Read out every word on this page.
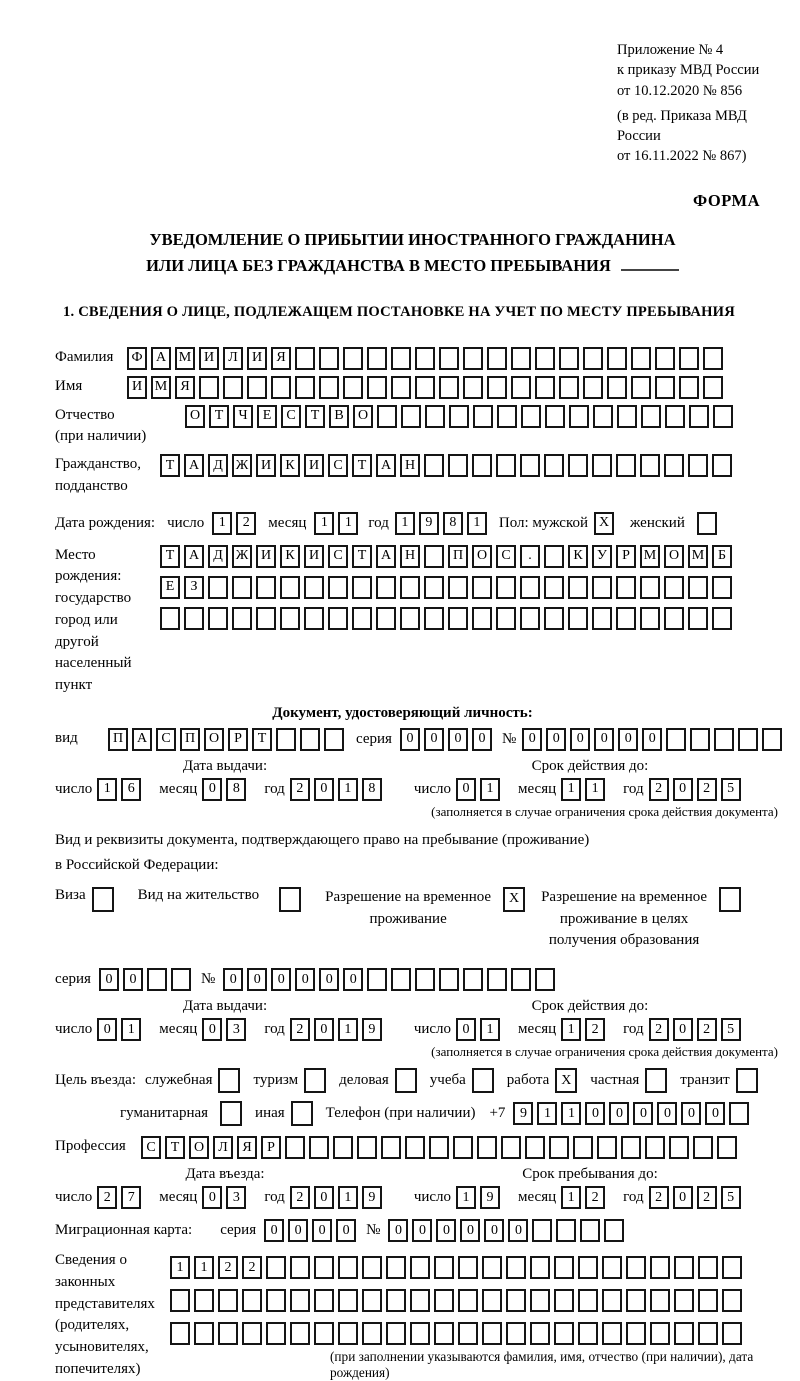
Приложение № 4
к приказу МВД России
от 10.12.2020 № 856
(в ред. Приказа МВД России
от 16.11.2022 № 867)
ФОРМА
УВЕДОМЛЕНИЕ О ПРИБЫТИИ ИНОСТРАННОГО ГРАЖДАНИНА
ИЛИ ЛИЦА БЕЗ ГРАЖДАНСТВА В МЕСТО ПРЕБЫВАНИЯ
1. СВЕДЕНИЯ О ЛИЦЕ, ПОДЛЕЖАЩЕМ ПОСТАНОВКЕ НА УЧЕТ ПО МЕСТУ ПРЕБЫВАНИЯ
Фамилия	Ф А М И	Л	И	Я
Имя	И М Я
Отчество
(при наличии)
О	Т	Ч	Е	С	Т	В	О
Гражданство,
подданство
Т	А	Д Ж И	К	И	С	Т	А Н
Дата рождения: число	1	2	месяц	1	1	год 1	9	8	1	Пол: мужской X	женский
Место рождения:
государство
город или другой
населенный пункт
Т	А	Д Ж И	К	И	С	Т	А Н	П О	С	.	К	У	Р М О М Б
Е	З
Документ, удостоверяющий личность:
вид	П А	С	П О	Р	Т	серия	0	0	0	0	№ 0	0	0	0	0	0
Дата выдачи:	Срок действия до:
число 1	6	месяц 0	8	год 2	0	1	8	число 0	1	месяц 1	1	год 2	0	2	5
(заполняется в случае ограничения срока действия документа)
Вид и реквизиты документа, подтверждающего право на пребывание (проживание)
в Российской Федерации:
Виза	Вид на жительство	Разрешение на временное
проживание
X	Разрешение на временное
проживание в целях
получения образования
серия	0	0	№	0	0	0	0	0	0
Дата выдачи:	Срок действия до:
число 0	1	месяц 0	3	год 2	0	1	9	число 0	1	месяц 1	2	год 2	0	2	5
(заполняется в случае ограничения срока действия документа)
Цель въезда: служебная	туризм	деловая	учеба	работа X	частная	транзит
гуманитарная	иная	Телефон (при наличии) +7	9	1	1	0	0	0	0	0	0
Профессия	С	Т	О	Л	Я	Р
Дата въезда:	Срок пребывания до:
число 2	7	месяц 0	3	год 2	0	1	9	число 1	9	месяц 1	2	год 2	0	2	5
Миграционная карта: серия	0	0	0	0	№	0	0	0	0	0	0
Сведения о
законных
представителях
(родителях,
усыновителях,
попечителях)
1	1	2	2
(при заполнении указываются фамилия, имя, отчество (при наличии), дата рождения)
